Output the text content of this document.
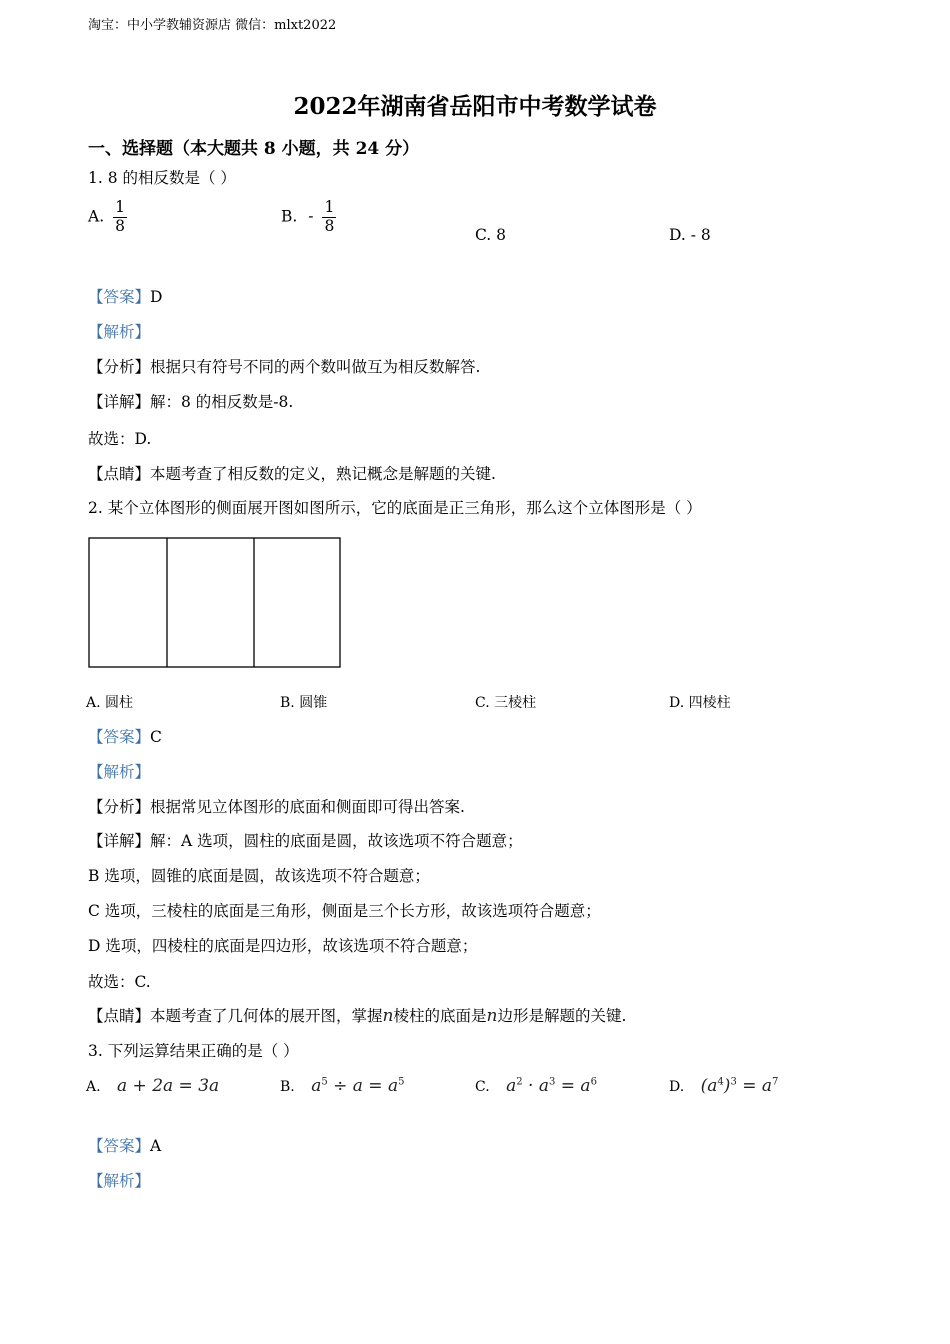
淘宝：中小学教辅资源店 微信：mlxt2022
2022年湖南省岳阳市中考数学试卷
一、选择题（本大题共 8 小题，共 24 分）
1. 8 的相反数是（ ）
A. $\frac{1}{8}$	B. - $\frac{1}{8}$	C. 8	D. - 8
【答案】D
【解析】
【分析】根据只有符号不同的两个数叫做互为相反数解答.
【详解】解：8 的相反数是-8.
故选：D.
【点睛】本题考查了相反数的定义，熟记概念是解题的关键.
2. 某个立体图形的侧面展开图如图所示，它的底面是正三角形，那么这个立体图形是（ ）
A. 圆柱	B. 圆锥	C. 三棱柱	D. 四棱柱
【答案】C
【解析】
【分析】根据常见立体图形的底面和侧面即可得出答案.
【详解】解：A 选项，圆柱的底面是圆，故该选项不符合题意；
B 选项，圆锥的底面是圆，故该选项不符合题意；
C 选项，三棱柱的底面是三角形，侧面是三个长方形，故该选项符合题意；
D 选项，四棱柱的底面是四边形，故该选项不符合题意；
故选：C.
【点睛】本题考查了几何体的展开图，掌握n棱柱的底面是n边形是解题的关键.
3. 下列运算结果正确的是（ ）
A. a + 2a = 3a	B. $a^5 \div a = a^5$	C. $a^2 \cdot a^3 = a^6$	D. $(a^4)^3 = a^7$
【答案】A
【解析】
